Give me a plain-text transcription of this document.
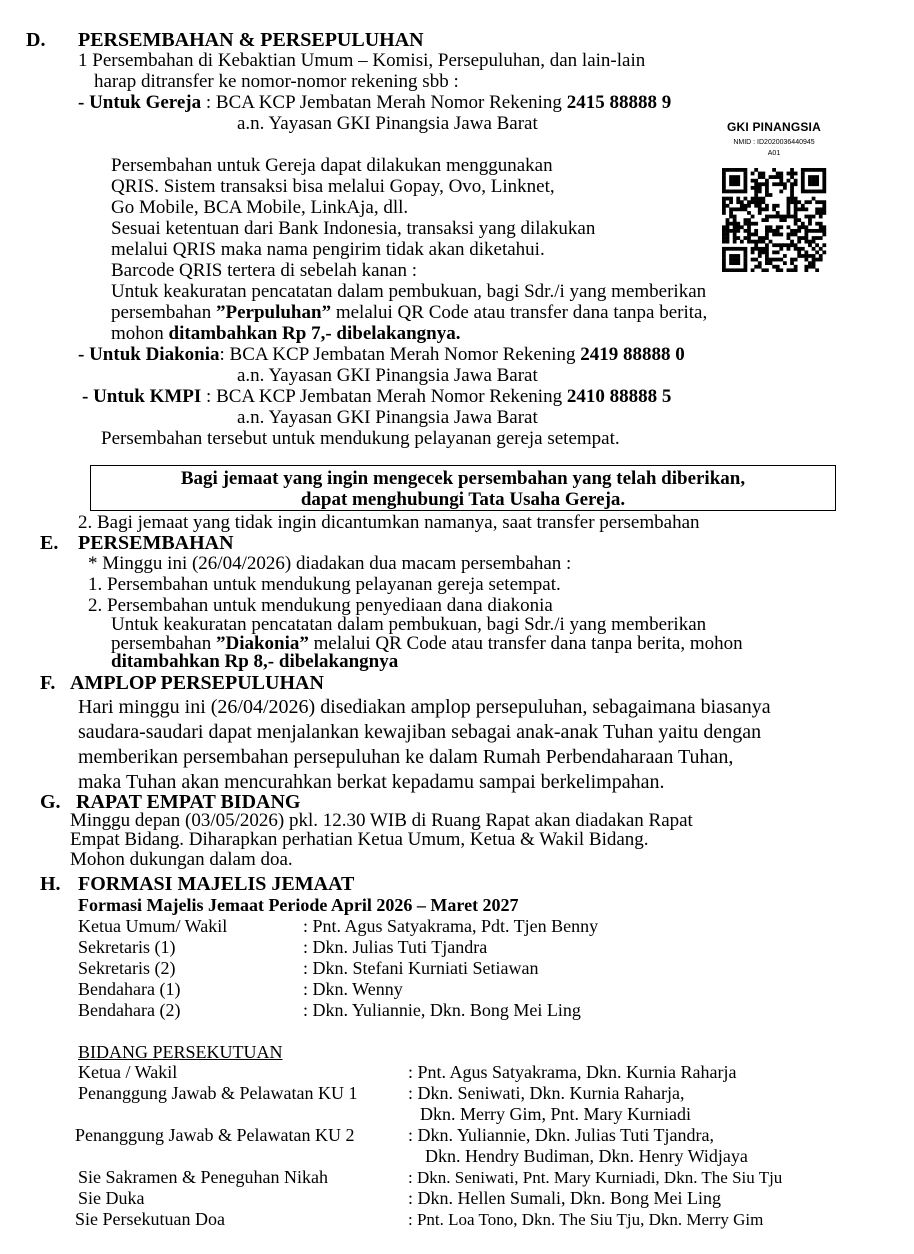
D. PERSEMBAHAN & PERSEPULUHAN
1 Persembahan di Kebaktian Umum – Komisi, Persepuluhan, dan lain-lain
harap ditransfer ke nomor-nomor rekening sbb :
- Untuk Gereja : BCA KCP Jembatan Merah Nomor Rekening 2415 88888 9
a.n. Yayasan GKI Pinangsia Jawa Barat	GKI PINANGSIA
NMID : ID2020036440945
A01
Persembahan untuk Gereja dapat dilakukan menggunakan
QRIS. Sistem transaksi bisa melalui Gopay, Ovo, Linknet,
Go Mobile, BCA Mobile, LinkAja, dll.
Sesuai ketentuan dari Bank Indonesia, transaksi yang dilakukan
melalui QRIS maka nama pengirim tidak akan diketahui.
Barcode QRIS tertera di sebelah kanan :
Untuk keakuratan pencatatan dalam pembukuan, bagi Sdr./i yang memberikan
persembahan ”Perpuluhan” melalui QR Code atau transfer dana tanpa berita,
mohon ditambahkan Rp 7,- dibelakangnya.
- Untuk Diakonia: BCA KCP Jembatan Merah Nomor Rekening 2419 88888 0
a.n. Yayasan GKI Pinangsia Jawa Barat
- Untuk KMPI : BCA KCP Jembatan Merah Nomor Rekening 2410 88888 5
a.n. Yayasan GKI Pinangsia Jawa Barat
Persembahan tersebut untuk mendukung pelayanan gereja setempat.
Bagi jemaat yang ingin mengecek persembahan yang telah diberikan,
dapat menghubungi Tata Usaha Gereja.
2. Bagi jemaat yang tidak ingin dicantumkan namanya, saat transfer persembahan
E. PERSEMBAHAN
* Minggu ini (26/04/2026) diadakan dua macam persembahan :
1. Persembahan untuk mendukung pelayanan gereja setempat.
2. Persembahan untuk mendukung penyediaan dana diakonia
Untuk keakuratan pencatatan dalam pembukuan, bagi Sdr./i yang memberikan
persembahan ”Diakonia” melalui QR Code atau transfer dana tanpa berita, mohon
ditambahkan Rp 8,- dibelakangnya
F. AMPLOP PERSEPULUHAN
Hari minggu ini (26/04/2026) disediakan amplop persepuluhan, sebagaimana biasanya
saudara-saudari dapat menjalankan kewajiban sebagai anak-anak Tuhan yaitu dengan
memberikan persembahan persepuluhan ke dalam Rumah Perbendaharaan Tuhan,
maka Tuhan akan mencurahkan berkat kepadamu sampai berkelimpahan.
G. RAPAT EMPAT BIDANG
Minggu depan (03/05/2026) pkl. 12.30 WIB di Ruang Rapat akan diadakan Rapat
Empat Bidang. Diharapkan perhatian Ketua Umum, Ketua & Wakil Bidang.
Mohon dukungan dalam doa.
H. FORMASI MAJELIS JEMAAT
Formasi Majelis Jemaat Periode April 2026 – Maret 2027
Ketua Umum/ Wakil	: Pnt. Agus Satyakrama, Pdt. Tjen Benny
Sekretaris (1)	: Dkn. Julias Tuti Tjandra
Sekretaris (2)	: Dkn. Stefani Kurniati Setiawan
Bendahara (1)	: Dkn. Wenny
Bendahara (2)	: Dkn. Yuliannie, Dkn. Bong Mei Ling
BIDANG PERSEKUTUAN
Ketua / Wakil	: Pnt. Agus Satyakrama, Dkn. Kurnia Raharja
Penanggung Jawab & Pelawatan KU 1	: Dkn. Seniwati, Dkn. Kurnia Raharja,
Dkn. Merry Gim, Pnt. Mary Kurniadi
Penanggung Jawab & Pelawatan KU 2	: Dkn. Yuliannie, Dkn. Julias Tuti Tjandra,
Dkn. Hendry Budiman, Dkn. Henry Widjaya
Sie Sakramen & Peneguhan Nikah	: Dkn. Seniwati, Pnt. Mary Kurniadi, Dkn. The Siu Tju
Sie Duka	: Dkn. Hellen Sumali, Dkn. Bong Mei Ling
Sie Persekutuan Doa	: Pnt. Loa Tono, Dkn. The Siu Tju, Dkn. Merry Gim
